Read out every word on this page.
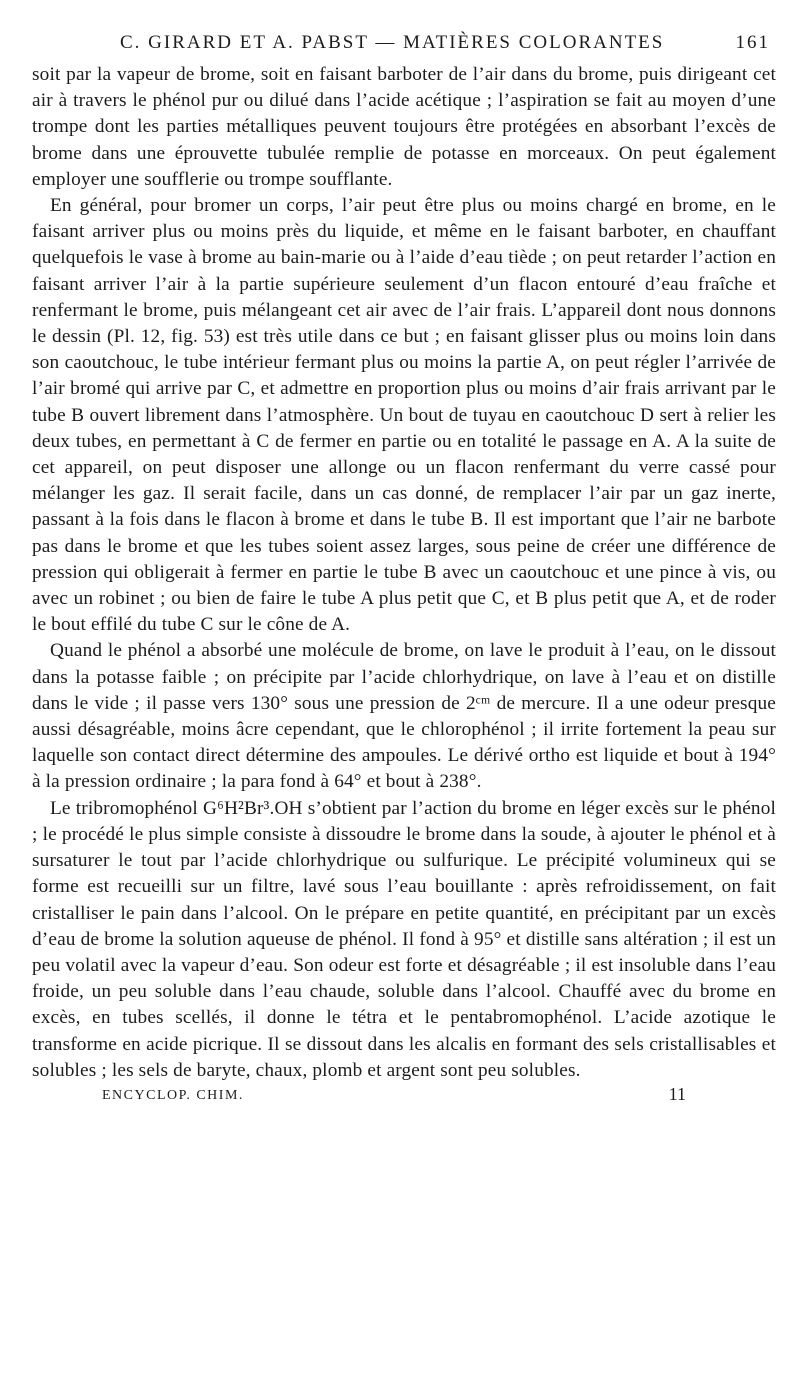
C. GIRARD ET A. PABST — MATIÈRES COLORANTES	161

soit par la vapeur de brome, soit en faisant barboter de l’air dans du brome, puis dirigeant cet air à travers le phénol pur ou dilué dans l’acide acétique ; l’aspiration se fait au moyen d’une trompe dont les parties métalliques peuvent toujours être protégées en absorbant l’excès de brome dans une éprouvette tubulée remplie de potasse en morceaux. On peut également employer une soufflerie ou trompe soufflante.

En général, pour bromer un corps, l’air peut être plus ou moins chargé en brome, en le faisant arriver plus ou moins près du liquide, et même en le faisant barboter, en chauffant quelquefois le vase à brome au bain-marie ou à l’aide d’eau tiède ; on peut retarder l’action en faisant arriver l’air à la partie supérieure seulement d’un flacon entouré d’eau fraîche et renfermant le brome, puis mélangeant cet air avec de l’air frais. L’appareil dont nous donnons le dessin (Pl. 12, fig. 53) est très utile dans ce but ; en faisant glisser plus ou moins loin dans son caoutchouc, le tube intérieur fermant plus ou moins la partie A, on peut régler l’arrivée de l’air bromé qui arrive par C, et admettre en proportion plus ou moins d’air frais arrivant par le tube B ouvert librement dans l’atmosphère. Un bout de tuyau en caoutchouc D sert à relier les deux tubes, en permettant à C de fermer en partie ou en totalité le passage en A. A la suite de cet appareil, on peut disposer une allonge ou un flacon renfermant du verre cassé pour mélanger les gaz. Il serait facile, dans un cas donné, de remplacer l’air par un gaz inerte, passant à la fois dans le flacon à brome et dans le tube B. Il est important que l’air ne barbote pas dans le brome et que les tubes soient assez larges, sous peine de créer une différence de pression qui obligerait à fermer en partie le tube B avec un caoutchouc et une pince à vis, ou avec un robinet ; ou bien de faire le tube A plus petit que C, et B plus petit que A, et de roder le bout effilé du tube C sur le cône de A.

Quand le phénol a absorbé une molécule de brome, on lave le produit à l’eau, on le dissout dans la potasse faible ; on précipite par l’acide chlorhydrique, on lave à l’eau et on distille dans le vide ; il passe vers 130° sous une pression de 2ᶜᵐ de mercure. Il a une odeur presque aussi désagréable, moins âcre cependant, que le chlorophénol ; il irrite fortement la peau sur laquelle son contact direct détermine des ampoules. Le dérivé ortho est liquide et bout à 194° à la pression ordinaire ; la para fond à 64° et bout à 238°.

Le tribromophénol G⁶H²Br³.OH s’obtient par l’action du brome en léger excès sur le phénol ; le procédé le plus simple consiste à dissoudre le brome dans la soude, à ajouter le phénol et à sursaturer le tout par l’acide chlorhydrique ou sulfurique. Le précipité volumineux qui se forme est recueilli sur un filtre, lavé sous l’eau bouillante : après refroidissement, on fait cristalliser le pain dans l’alcool. On le prépare en petite quantité, en précipitant par un excès d’eau de brome la solution aqueuse de phénol. Il fond à 95° et distille sans altération ; il est un peu volatil avec la vapeur d’eau. Son odeur est forte et désagréable ; il est insoluble dans l’eau froide, un peu soluble dans l’eau chaude, soluble dans l’alcool. Chauffé avec du brome en excès, en tubes scellés, il donne le tétra et le pentabromophénol. L’acide azotique le transforme en acide picrique. Il se dissout dans les alcalis en formant des sels cristallisables et solubles ; les sels de baryte, chaux, plomb et argent sont peu solubles.

ENCYCLOP. CHIM.	11
